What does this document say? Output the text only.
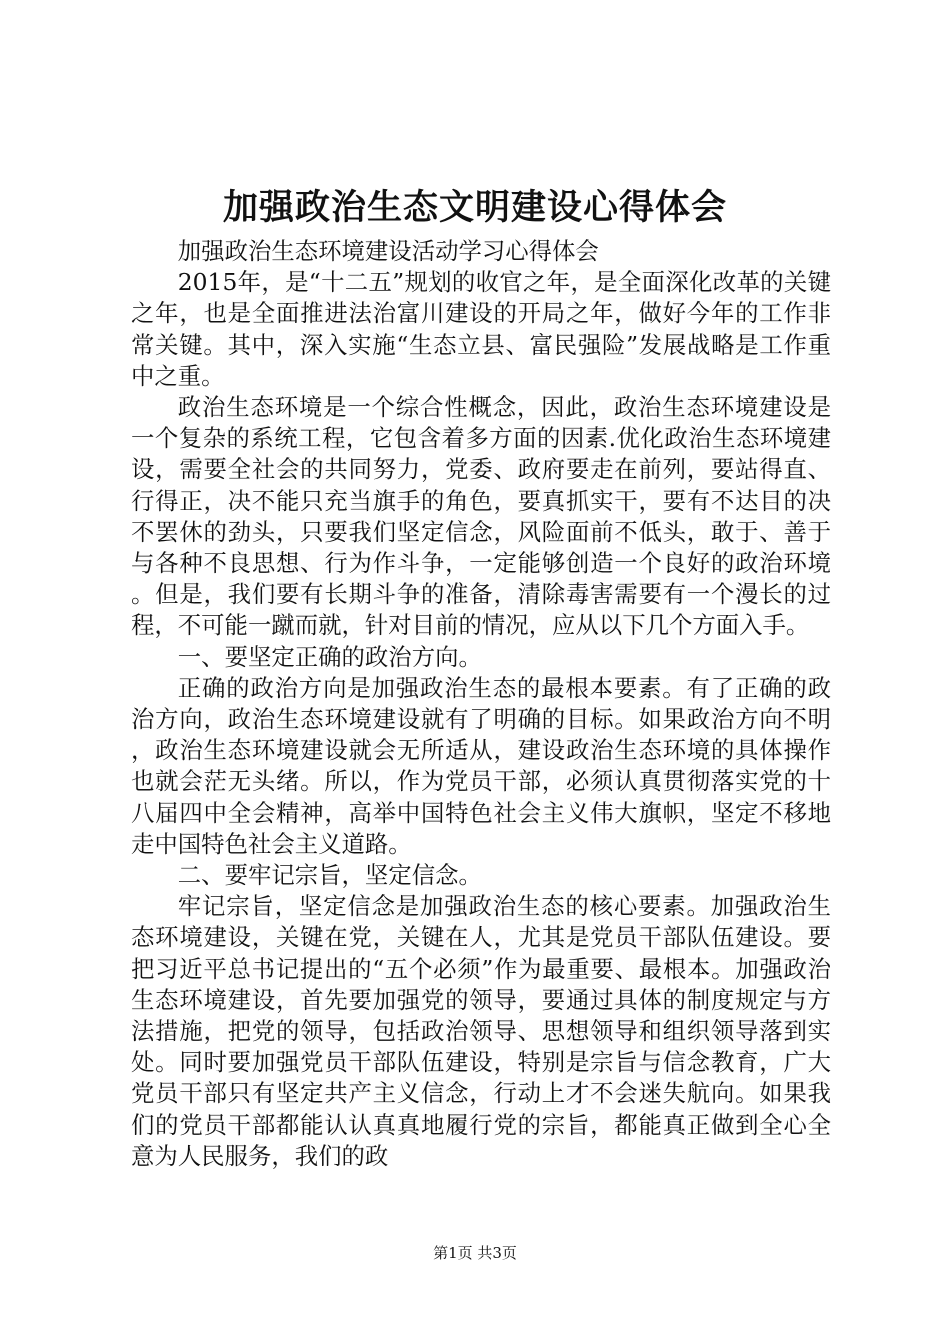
加强政治生态文明建设心得体会

加强政治生态环境建设活动学习心得体会

2015年，是“十二五”规划的收官之年，是全面深化改革的关键之年，也是全面推进法治富川建设的开局之年，做好今年的工作非常关键。其中，深入实施“生态立县、富民强险”发展战略是工作重中之重。

政治生态环境是一个综合性概念，因此，政治生态环境建设是一个复杂的系统工程，它包含着多方面的因素.优化政治生态环境建设，需要全社会的共同努力，党委、政府要走在前列，要站得直、行得正，决不能只充当旗手的角色，要真抓实干，要有不达目的决不罢休的劲头，只要我们坚定信念，风险面前不低头，敢于、善于与各种不良思想、行为作斗争，一定能够创造一个良好的政治环境。但是，我们要有长期斗争的准备，清除毒害需要有一个漫长的过程，不可能一蹴而就，针对目前的情况，应从以下几个方面入手。

一、要坚定正确的政治方向。

正确的政治方向是加强政治生态的最根本要素。有了正确的政治方向，政治生态环境建设就有了明确的目标。如果政治方向不明，政治生态环境建设就会无所适从，建设政治生态环境的具体操作也就会茫无头绪。所以，作为党员干部，必须认真贯彻落实党的十八届四中全会精神，高举中国特色社会主义伟大旗帜，坚定不移地走中国特色社会主义道路。

二、要牢记宗旨，坚定信念。

牢记宗旨，坚定信念是加强政治生态的核心要素。加强政治生态环境建设，关键在党，关键在人，尤其是党员干部队伍建设。要把习近平总书记提出的“五个必须”作为最重要、最根本。加强政治生态环境建设，首先要加强党的领导，要通过具体的制度规定与方法措施，把党的领导，包括政治领导、思想领导和组织领导落到实处。同时要加强党员干部队伍建设，特别是宗旨与信念教育，广大党员干部只有坚定共产主义信念，行动上才不会迷失航向。如果我们的党员干部都能认认真真地履行党的宗旨，都能真正做到全心全意为人民服务，我们的政

第1页 共3页
